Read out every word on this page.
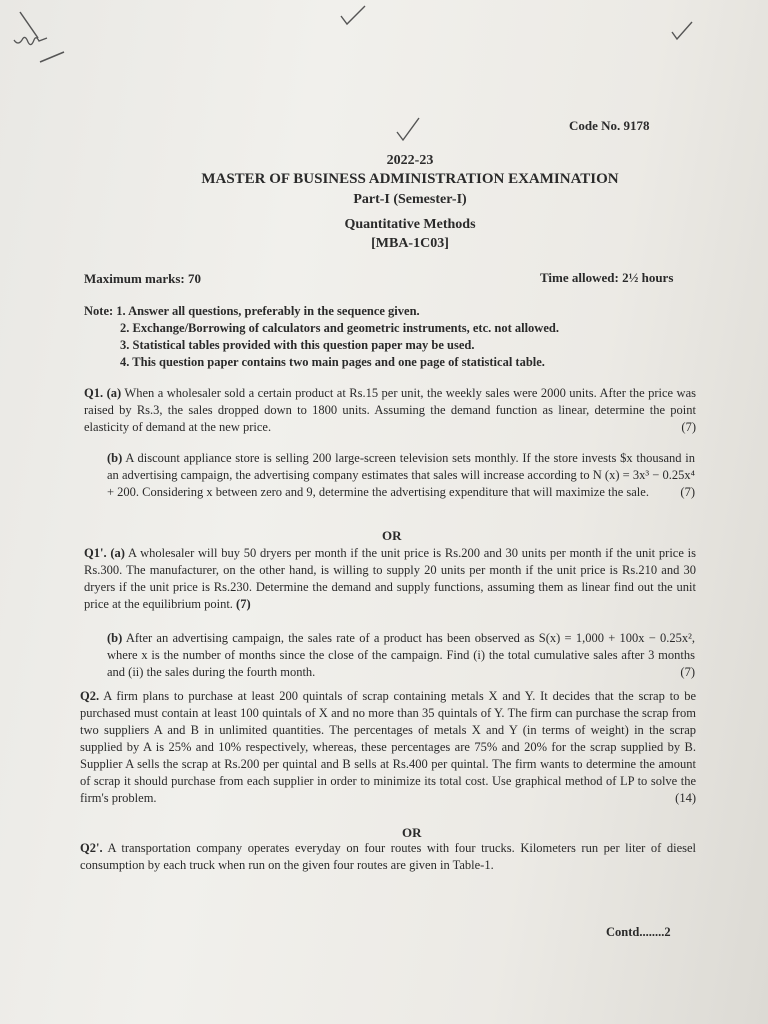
Code No. 9178
2022-23
MASTER OF BUSINESS ADMINISTRATION EXAMINATION
Part-I (Semester-I)
Quantitative Methods
[MBA-1C03]
Maximum marks: 70	Time allowed: 2½ hours
Note: 1. Answer all questions, preferably in the sequence given.
2. Exchange/Borrowing of calculators and geometric instruments, etc. not allowed.
3. Statistical tables provided with this question paper may be used.
4. This question paper contains two main pages and one page of statistical table.
Q1. (a) When a wholesaler sold a certain product at Rs.15 per unit, the weekly sales were 2000 units. After the price was raised by Rs.3, the sales dropped down to 1800 units. Assuming the demand function as linear, determine the point elasticity of demand at the new price.	(7)
(b) A discount appliance store is selling 200 large-screen television sets monthly. If the store invests $x thousand in an advertising campaign, the advertising company estimates that sales will increase according to N (x) = 3x³ − 0.25x⁴ + 200. Considering x between zero and 9, determine the advertising expenditure that will maximize the sale.	(7)
OR
Q1'. (a) A wholesaler will buy 50 dryers per month if the unit price is Rs.200 and 30 units per month if the unit price is Rs.300. The manufacturer, on the other hand, is willing to supply 20 units per month if the unit price is Rs.210 and 30 dryers if the unit price is Rs.230. Determine the demand and supply functions, assuming them as linear find out the unit price at the equilibrium point. (7)
(b) After an advertising campaign, the sales rate of a product has been observed as S(x) = 1,000 + 100x − 0.25x², where x is the number of months since the close of the campaign. Find (i) the total cumulative sales after 3 months and (ii) the sales during the fourth month.	(7)
Q2. A firm plans to purchase at least 200 quintals of scrap containing metals X and Y. It decides that the scrap to be purchased must contain at least 100 quintals of X and no more than 35 quintals of Y. The firm can purchase the scrap from two suppliers A and B in unlimited quantities. The percentages of metals X and Y (in terms of weight) in the scrap supplied by A is 25% and 10% respectively, whereas, these percentages are 75% and 20% for the scrap supplied by B. Supplier A sells the scrap at Rs.200 per quintal and B sells at Rs.400 per quintal. The firm wants to determine the amount of scrap it should purchase from each supplier in order to minimize its total cost. Use graphical method of LP to solve the firm's problem.	(14)
OR
Q2'. A transportation company operates everyday on four routes with four trucks. Kilometers run per liter of diesel consumption by each truck when run on the given four routes are given in Table-1.
Contd........2
